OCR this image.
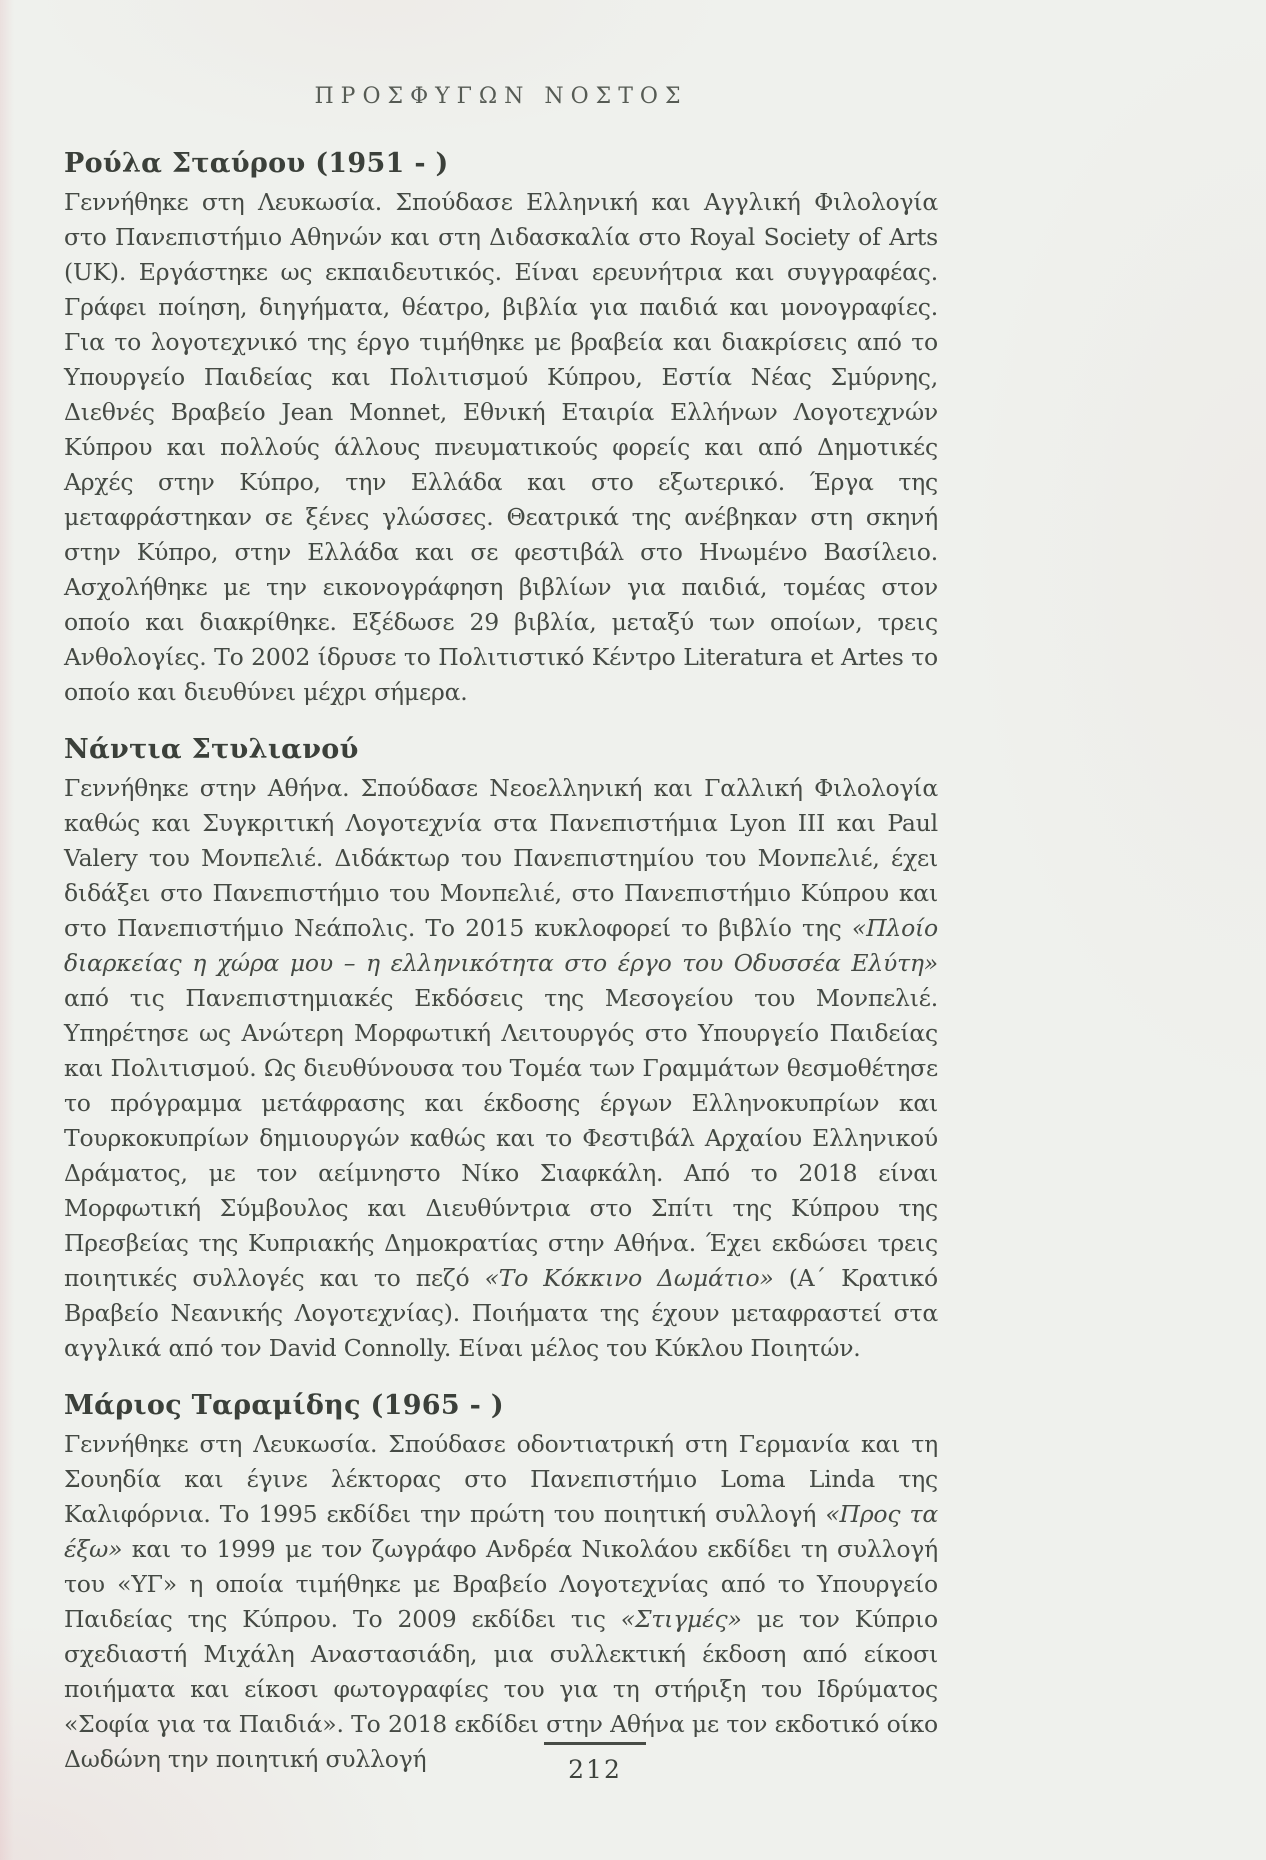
ΠΡΟΣΦΥΓΩΝ ΝΟΣΤΟΣ
Ρούλα Σταύρου (1951 - )

Γεννήθηκε στη Λευκωσία. Σπούδασε Ελληνική και Αγγλική Φιλολογία στο Πανεπιστήμιο Αθηνών και στη Διδασκαλία στο Royal Society of Arts (UK). Εργάστηκε ως εκπαιδευτικός. Είναι ερευνήτρια και συγγραφέας. Γράφει ποίηση, διηγήματα, θέατρο, βιβλία για παιδιά και μονογραφίες. Για το λογοτεχνικό της έργο τιμήθηκε με βραβεία και διακρίσεις από το Υπουργείο Παιδείας και Πολιτισμού Κύπρου, Εστία Νέας Σμύρνης, Διεθνές Βραβείο Jean Monnet, Εθνική Εταιρία Ελλήνων Λογοτεχνών Κύπρου και πολλούς άλλους πνευματικούς φορείς και από Δημοτικές Αρχές στην Κύπρο, την Ελλάδα και στο εξωτερικό. Έργα της μεταφράστηκαν σε ξένες γλώσσες. Θεατρικά της ανέβηκαν στη σκηνή στην Κύπρο, στην Ελλάδα και σε φεστιβάλ στο Ηνωμένο Βασίλειο. Ασχολήθηκε με την εικονογράφηση βιβλίων για παιδιά, τομέας στον οποίο και διακρίθηκε. Εξέδωσε 29 βιβλία, μεταξύ των οποίων, τρεις Ανθολογίες. Το 2002 ίδρυσε το Πολιτιστικό Κέντρο Literatura et Artes το οποίο και διευθύνει μέχρι σήμερα.

Νάντια Στυλιανού

Γεννήθηκε στην Αθήνα. Σπούδασε Νεοελληνική και Γαλλική Φιλολογία καθώς και Συγκριτική Λογοτεχνία στα Πανεπιστήμια Lyon III και Paul Valery του Μονπελιέ. Διδάκτωρ του Πανεπιστημίου του Μονπελιέ, έχει διδάξει στο Πανεπιστήμιο του Μονπελιέ, στο Πανεπιστήμιο Κύπρου και στο Πανεπιστήμιο Νεάπολις. Το 2015 κυκλοφορεί το βιβλίο της «Πλοίο διαρκείας η χώρα μου – η ελληνικότητα στο έργο του Οδυσσέα Ελύτη» από τις Πανεπιστημιακές Εκδόσεις της Μεσογείου του Μονπελιέ. Υπηρέτησε ως Ανώτερη Μορφωτική Λειτουργός στο Υπουργείο Παιδείας και Πολιτισμού. Ως διευθύνουσα του Τομέα των Γραμμάτων θεσμοθέτησε το πρόγραμμα μετάφρασης και έκδοσης έργων Ελληνοκυπρίων και Τουρκοκυπρίων δημιουργών καθώς και το Φεστιβάλ Αρχαίου Ελληνικού Δράματος, με τον αείμνηστο Νίκο Σιαφκάλη. Από το 2018 είναι Μορφωτική Σύμβουλος και Διευθύντρια στο Σπίτι της Κύπρου της Πρεσβείας της Κυπριακής Δημοκρατίας στην Αθήνα. Έχει εκδώσει τρεις ποιητικές συλλογές και το πεζό «Το Κόκκινο Δωμάτιο» (Α΄ Κρατικό Βραβείο Νεανικής Λογοτεχνίας). Ποιήματα της έχουν μεταφραστεί στα αγγλικά από τον David Connolly. Είναι μέλος του Κύκλου Ποιητών.

Μάριος Ταραμίδης (1965 - )

Γεννήθηκε στη Λευκωσία. Σπούδασε οδοντιατρική στη Γερμανία και τη Σουηδία και έγινε λέκτορας στο Πανεπιστήμιο Loma Linda της Καλιφόρνια. Το 1995 εκδίδει την πρώτη του ποιητική συλλογή «Προς τα έξω» και το 1999 με τον ζωγράφο Ανδρέα Νικολάου εκδίδει τη συλλογή του «ΥΓ» η οποία τιμήθηκε με Βραβείο Λογοτεχνίας από το Υπουργείο Παιδείας της Κύπρου. Το 2009 εκδίδει τις «Στιγμές» με τον Κύπριο σχεδιαστή Μιχάλη Αναστασιάδη, μια συλλεκτική έκδοση από είκοσι ποιήματα και είκοσι φωτογραφίες του για τη στήριξη του Ιδρύματος «Σοφία για τα Παιδιά». Το 2018 εκδίδει στην Αθήνα με τον εκδοτικό οίκο Δωδώνη την ποιητική συλλογή	212
